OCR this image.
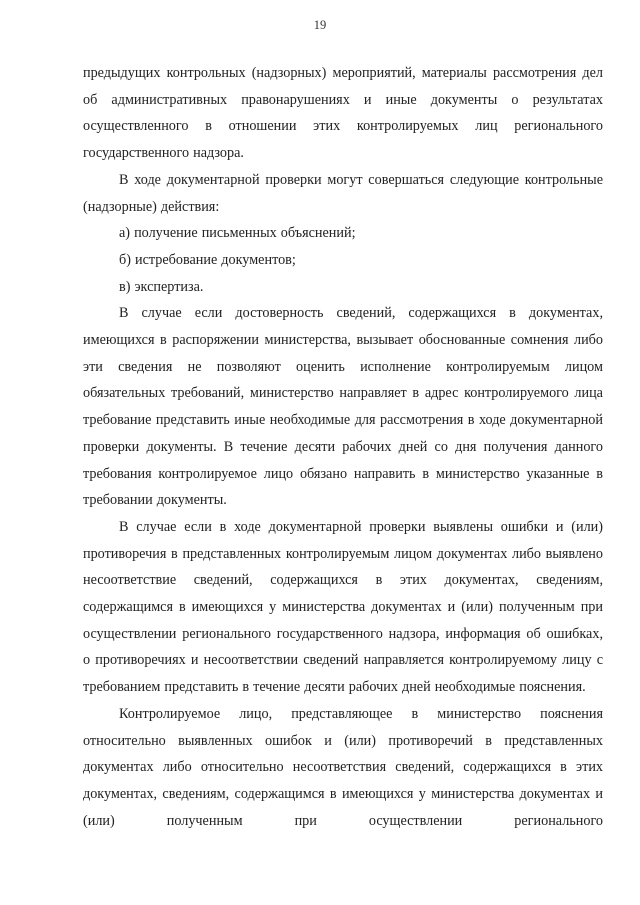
19

предыдущих контрольных (надзорных) мероприятий, материалы рассмотрения дел об административных правонарушениях и иные документы о результатах осуществленного в отношении этих контролируемых лиц регионального государственного надзора.

В ходе документарной проверки могут совершаться следующие контрольные (надзорные) действия:

а) получение письменных объяснений;

б) истребование документов;

в) экспертиза.

В случае если достоверность сведений, содержащихся в документах, имеющихся в распоряжении министерства, вызывает обоснованные сомнения либо эти сведения не позволяют оценить исполнение контролируемым лицом обязательных требований, министерство направляет в адрес контролируемого лица требование представить иные необходимые для рассмотрения в ходе документарной проверки документы. В течение десяти рабочих дней со дня получения данного требования контролируемое лицо обязано направить в министерство указанные в требовании документы.

В случае если в ходе документарной проверки выявлены ошибки и (или) противоречия в представленных контролируемым лицом документах либо выявлено несоответствие сведений, содержащихся в этих документах, сведениям, содержащимся в имеющихся у министерства документах и (или) полученным при осуществлении регионального государственного надзора, информация об ошибках, о противоречиях и несоответствии сведений направляется контролируемому лицу с требованием представить в течение десяти рабочих дней необходимые пояснения.

Контролируемое лицо, представляющее в министерство пояснения относительно выявленных ошибок и (или) противоречий в представленных документах либо относительно несоответствия сведений, содержащихся в этих документах, сведениям, содержащимся в имеющихся у министерства документах и (или) полученным при осуществлении регионального
